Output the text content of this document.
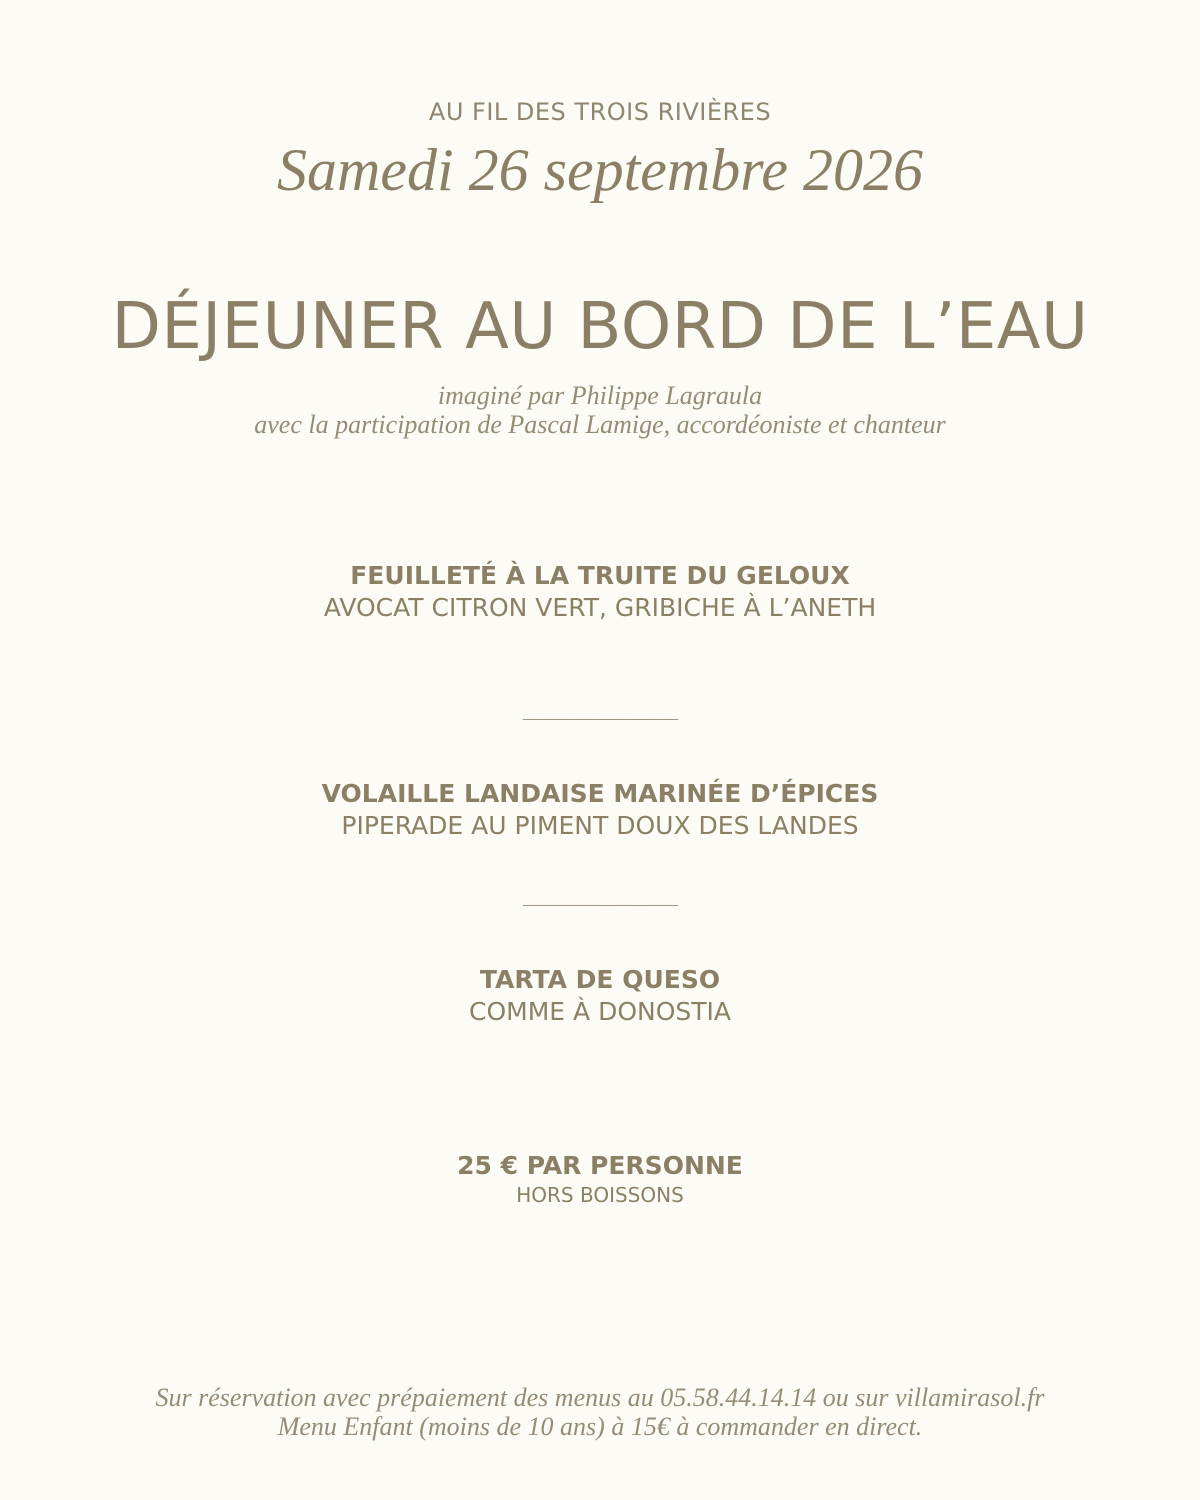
AU FIL DES TROIS RIVIÈRES
Samedi 26 septembre 2026
DÉJEUNER AU BORD DE L’EAU
imaginé par Philippe Lagraula
avec la participation de Pascal Lamige, accordéoniste et chanteur
FEUILLETÉ À LA TRUITE DU GELOUX
AVOCAT CITRON VERT, GRIBICHE À L’ANETH
______________
VOLAILLE LANDAISE MARINÉE D’ÉPICES
PIPERADE AU PIMENT DOUX DES LANDES
______________
TARTA DE QUESO
COMME À DONOSTIA
25 € PAR PERSONNE
HORS BOISSONS
Sur réservation avec prépaiement des menus au 05.58.44.14.14 ou sur villamirasol.fr
Menu Enfant (moins de 10 ans) à 15€ à commander en direct.
